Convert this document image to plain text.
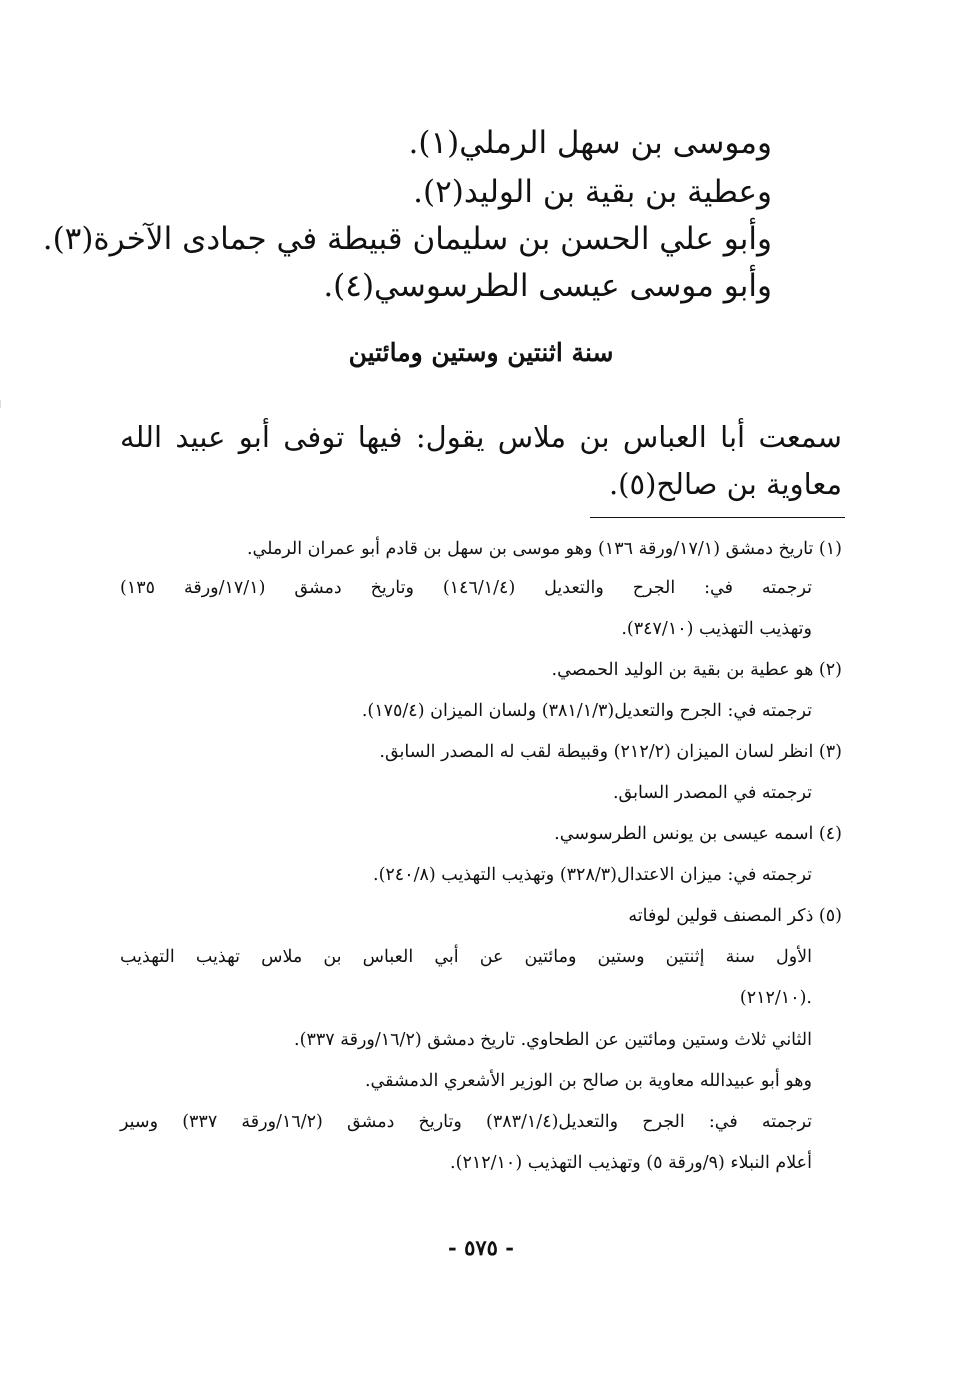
وموسى بن سهل الرملي(١).
وعطية بن بقية بن الوليد(٢).
وأبو علي الحسن بن سليمان قبيطة في جمادى الآخرة(٣).
وأبو موسى عيسى الطرسوسي(٤).
سنة اثنتين وستين ومائتين
سمعت أبا العباس بن ملاس يقول: فيها توفى أبو عبيد الله
معاوية بن صالح(٥).
(١) تاريخ دمشق (١٧/١/ورقة ١٣٦) وهو موسى بن سهل بن قادم أبو عمران الرملي.
ترجمته في: الجرح والتعديل (١٤٦/١/٤) وتاريخ دمشق (١٧/١/ورقة ١٣٥)
وتهذيب التهذيب (٣٤٧/١٠).
(٢) هو عطية بن بقية بن الوليد الحمصي.
ترجمته في: الجرح والتعديل(٣٨١/١/٣) ولسان الميزان (١٧٥/٤).
(٣) انظر لسان الميزان (٢١٢/٢) وقبيطة لقب له المصدر السابق.
ترجمته في المصدر السابق.
(٤) اسمه عيسى بن يونس الطرسوسي.
ترجمته في: ميزان الاعتدال(٣٢٨/٣) وتهذيب التهذيب (٢٤٠/٨).
(٥) ذكر المصنف قولين لوفاته
الأول سنة إثنتين وستين ومائتين عن أبي العباس بن ملاس تهذيب التهذيب
(٢١٢/١٠).
الثاني ثلاث وستين ومائتين عن الطحاوي. تاريخ دمشق (١٦/٢/ورقة ٣٣٧).
وهو أبو عبيدالله معاوية بن صالح بن الوزير الأشعري الدمشقي.
ترجمته في: الجرح والتعديل(٣٨٣/١/٤) وتاريخ دمشق (١٦/٢/ورقة ٣٣٧) وسير
أعلام النبلاء (٩/ورقة ٥) وتهذيب التهذيب (٢١٢/١٠).
- ٥٧٥ -
